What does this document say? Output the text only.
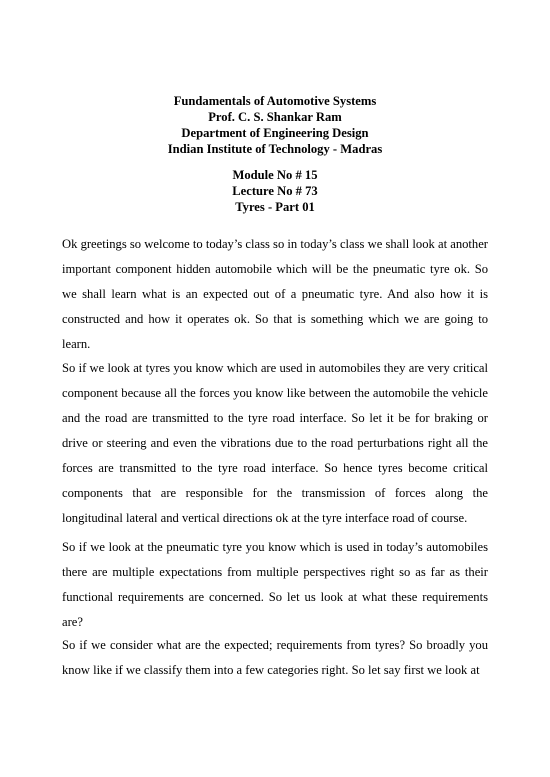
Fundamentals of Automotive Systems
Prof. C. S. Shankar Ram
Department of Engineering Design
Indian Institute of Technology - Madras
Module No # 15
Lecture No # 73
Tyres - Part 01

Ok greetings so welcome to today’s class so in today’s class we shall look at another important component hidden automobile which will be the pneumatic tyre ok. So we shall learn what is an expected out of a pneumatic tyre. And also how it is constructed and how it operates ok. So that is something which we are going to learn.

So if we look at tyres you know which are used in automobiles they are very critical component because all the forces you know like between the automobile the vehicle and the road are transmitted to the tyre road interface. So let it be for braking or drive or steering and even the vibrations due to the road perturbations right all the forces are transmitted to the tyre road interface. So hence tyres become critical components that are responsible for the transmission of forces along the longitudinal lateral and vertical directions ok at the tyre interface road of course.

So if we look at the pneumatic tyre you know which is used in today’s automobiles there are multiple expectations from multiple perspectives right so as far as their functional requirements are concerned. So let us look at what these requirements are?

So if we consider what are the expected; requirements from tyres? So broadly you know like if we classify them into a few categories right. So let say first we look at
